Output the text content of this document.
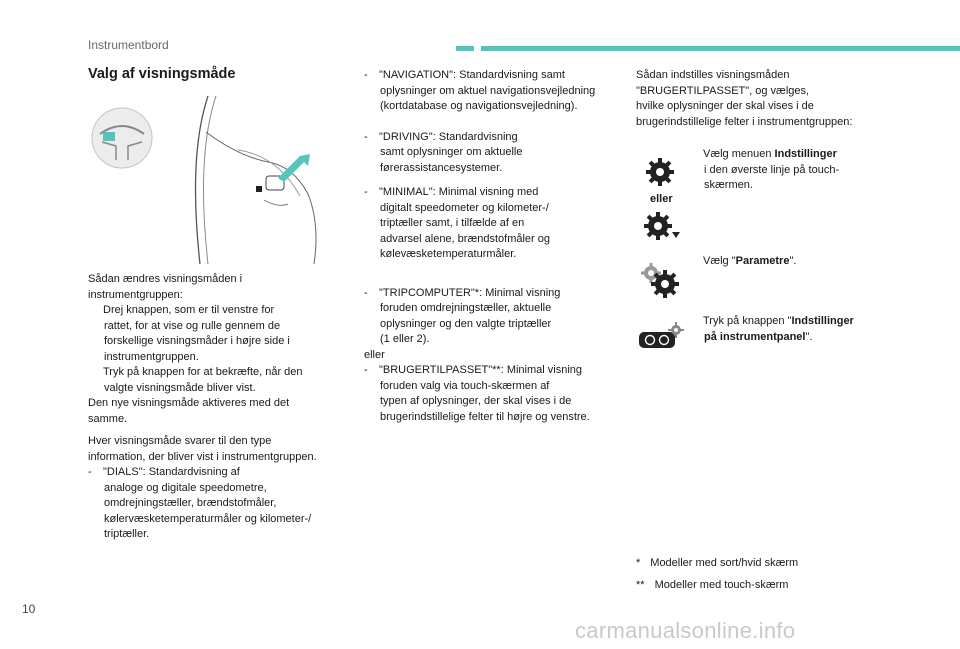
Instrumentbord
Valg af visningsmåde

Sådan ændres visningsmåden i

instrumentgruppen:

Drej knappen, som er til venstre for

rattet, for at vise og rulle gennem de

forskellige visningsmåder i højre side i

instrumentgruppen.

Tryk på knappen for at bekræfte, når den

valgte visningsmåde bliver vist.

Den nye visningsmåde aktiveres med det

samme.

Hver visningsmåde svarer til den type

information, der bliver vist i instrumentgruppen.

-	"DIALS": Standardvisning af

analoge og digitale speedometre,

omdrejningstæller, brændstofmåler,

kølervæsketemperaturmåler og kilometer-/

triptæller.

-	"NAVIGATION": Standardvisning samt

oplysninger om aktuel navigationsvejledning

(kortdatabase og navigationsvejledning).

-	"DRIVING": Standardvisning

samt oplysninger om aktuelle

førerassistancesystemer.

-	"MINIMAL": Minimal visning med

digitalt speedometer og kilometer-/

triptæller samt, i tilfælde af en

advarsel alene, brændstofmåler og

kølevæsketemperaturmåler.

-	"TRIPCOMPUTER"*: Minimal visning

foruden omdrejningstæller, aktuelle

oplysninger og den valgte triptæller

(1 eller 2).

eller

-	"BRUGERTILPASSET"**: Minimal visning

foruden valg via touch-skærmen af

typen af oplysninger, der skal vises i de

brugerindstillelige felter til højre og venstre.

Sådan indstilles visningsmåden

"BRUGERTILPASSET", og vælges,

hvilke oplysninger der skal vises i de

brugerindstillelige felter i instrumentgruppen:

eller
Vælg menuen Indstillinger

i den øverste linje på touch-

skærmen.

Vælg "Parametre".
Tryk på knappen "Indstillinger

på instrumentpanel".

* Modeller med sort/hvid skærm
** Modeller med touch-skærm
10
carmanualsonline.info
